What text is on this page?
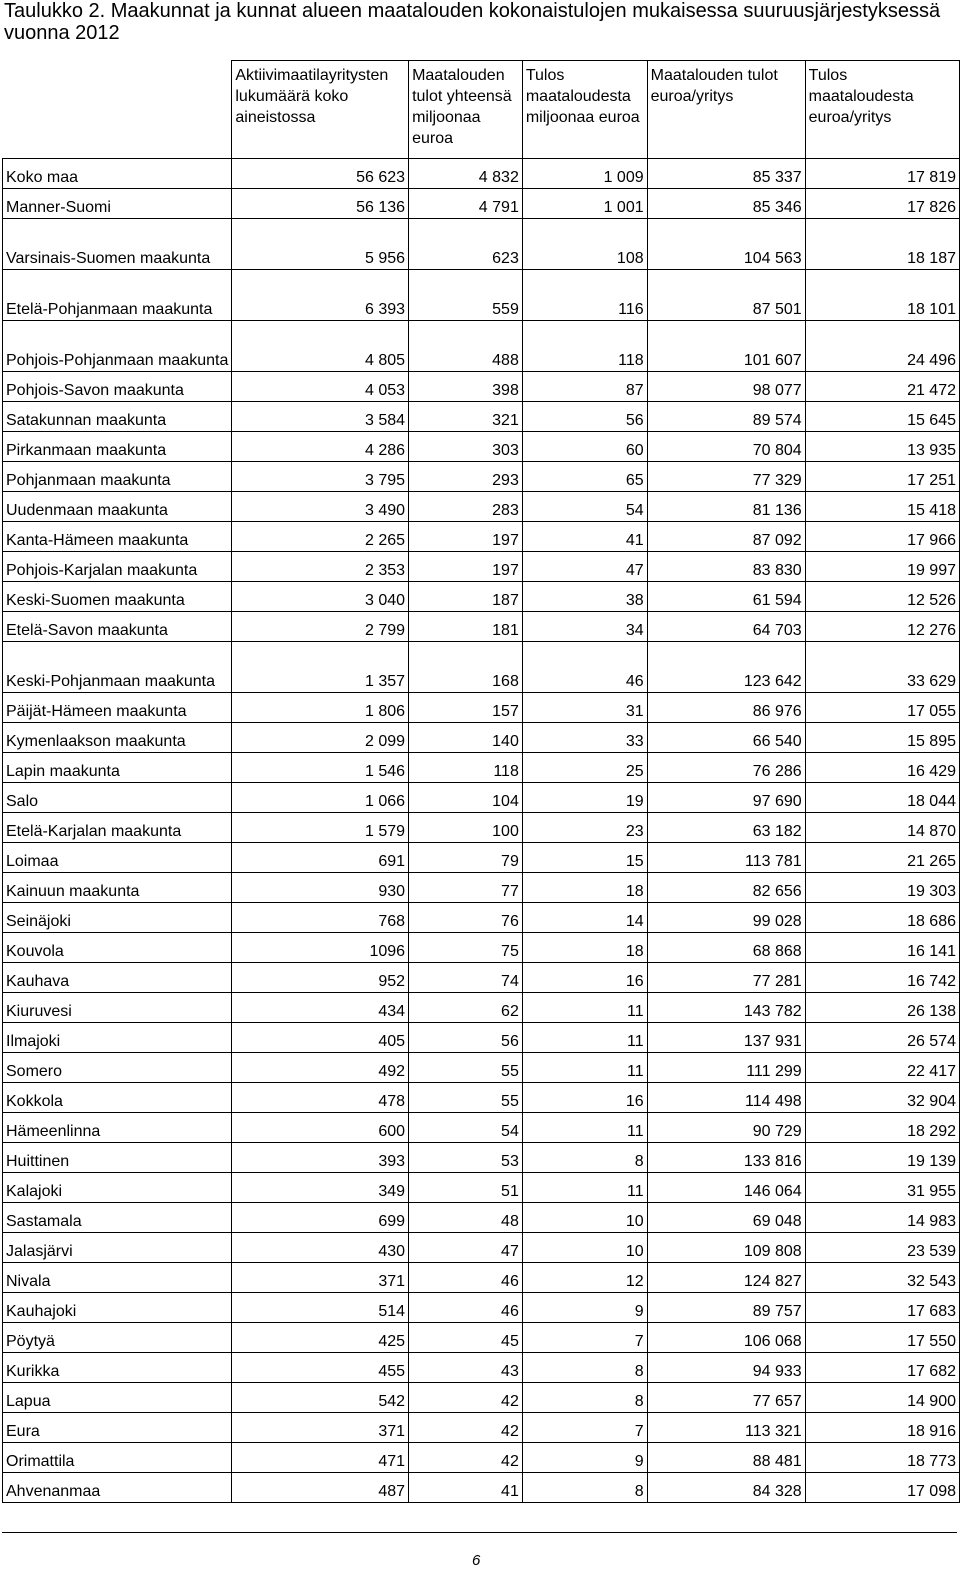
Taulukko 2. Maakunnat ja kunnat alueen maatalouden kokonaistulojen mukaisessa suuruusjärjestyksessä vuonna 2012
	Aktiivimaatilayritysten lukumäärä koko aineistossa	Maatalouden tulot yhteensä miljoonaa euroa	Tulos maataloudesta miljoonaa euroa	Maatalouden tulot euroa/yritys	Tulos maataloudesta euroa/yritys
Koko maa	56 623	4 832	1 009	85 337	17 819
Manner-Suomi	56 136	4 791	1 001	85 346	17 826
Varsinais-Suomen maakunta	5 956	623	108	104 563	18 187
Etelä-Pohjanmaan maakunta	6 393	559	116	87 501	18 101
Pohjois-Pohjanmaan maakunta	4 805	488	118	101 607	24 496
Pohjois-Savon maakunta	4 053	398	87	98 077	21 472
Satakunnan maakunta	3 584	321	56	89 574	15 645
Pirkanmaan maakunta	4 286	303	60	70 804	13 935
Pohjanmaan maakunta	3 795	293	65	77 329	17 251
Uudenmaan maakunta	3 490	283	54	81 136	15 418
Kanta-Hämeen maakunta	2 265	197	41	87 092	17 966
Pohjois-Karjalan maakunta	2 353	197	47	83 830	19 997
Keski-Suomen maakunta	3 040	187	38	61 594	12 526
Etelä-Savon maakunta	2 799	181	34	64 703	12 276
Keski-Pohjanmaan maakunta	1 357	168	46	123 642	33 629
Päijät-Hämeen maakunta	1 806	157	31	86 976	17 055
Kymenlaakson maakunta	2 099	140	33	66 540	15 895
Lapin maakunta	1 546	118	25	76 286	16 429
Salo	1 066	104	19	97 690	18 044
Etelä-Karjalan maakunta	1 579	100	23	63 182	14 870
Loimaa	691	79	15	113 781	21 265
Kainuun maakunta	930	77	18	82 656	19 303
Seinäjoki	768	76	14	99 028	18 686
Kouvola	1096	75	18	68 868	16 141
Kauhava	952	74	16	77 281	16 742
Kiuruvesi	434	62	11	143 782	26 138
Ilmajoki	405	56	11	137 931	26 574
Somero	492	55	11	111 299	22 417
Kokkola	478	55	16	114 498	32 904
Hämeenlinna	600	54	11	90 729	18 292
Huittinen	393	53	8	133 816	19 139
Kalajoki	349	51	11	146 064	31 955
Sastamala	699	48	10	69 048	14 983
Jalasjärvi	430	47	10	109 808	23 539
Nivala	371	46	12	124 827	32 543
Kauhajoki	514	46	9	89 757	17 683
Pöytyä	425	45	7	106 068	17 550
Kurikka	455	43	8	94 933	17 682
Lapua	542	42	8	77 657	14 900
Eura	371	42	7	113 321	18 916
Orimattila	471	42	9	88 481	18 773
Ahvenanmaa	487	41	8	84 328	17 098
6
